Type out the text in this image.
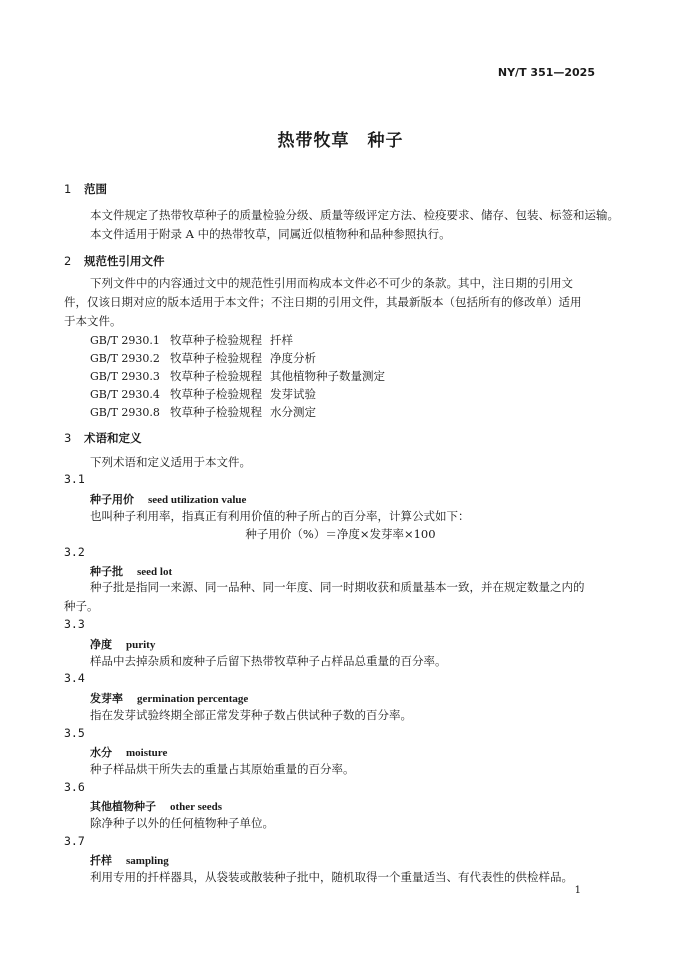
NY/T 351—2025
热带牧草　种子
1 范围
本文件规定了热带牧草种子的质量检验分级、质量等级评定方法、检疫要求、储存、包装、标签和运输。
本文件适用于附录 A 中的热带牧草，同属近似植物种和品种参照执行。
2 规范性引用文件
下列文件中的内容通过文中的规范性引用而构成本文件必不可少的条款。其中，注日期的引用文件，仅该日期对应的版本适用于本文件；不注日期的引用文件，其最新版本（包括所有的修改单）适用于本文件。
GB/T 2930.1 牧草种子检验规程 扦样
GB/T 2930.2 牧草种子检验规程 净度分析
GB/T 2930.3 牧草种子检验规程 其他植物种子数量测定
GB/T 2930.4 牧草种子检验规程 发芽试验
GB/T 2930.8 牧草种子检验规程 水分测定
3 术语和定义
下列术语和定义适用于本文件。
3.1
种子用价 seed utilization value
也叫种子利用率，指真正有利用价值的种子所占的百分率，计算公式如下：
种子用价（%）＝净度×发芽率×100
3.2
种子批 seed lot
种子批是指同一来源、同一品种、同一年度、同一时期收获和质量基本一致，并在规定数量之内的种子。
3.3
净度 purity
样品中去掉杂质和废种子后留下热带牧草种子占样品总重量的百分率。
3.4
发芽率 germination percentage
指在发芽试验终期全部正常发芽种子数占供试种子数的百分率。
3.5
水分 moisture
种子样品烘干所失去的重量占其原始重量的百分率。
3.6
其他植物种子 other seeds
除净种子以外的任何植物种子单位。
3.7
扦样 sampling
利用专用的扦样器具，从袋装或散装种子批中，随机取得一个重量适当、有代表性的供检样品。
1
